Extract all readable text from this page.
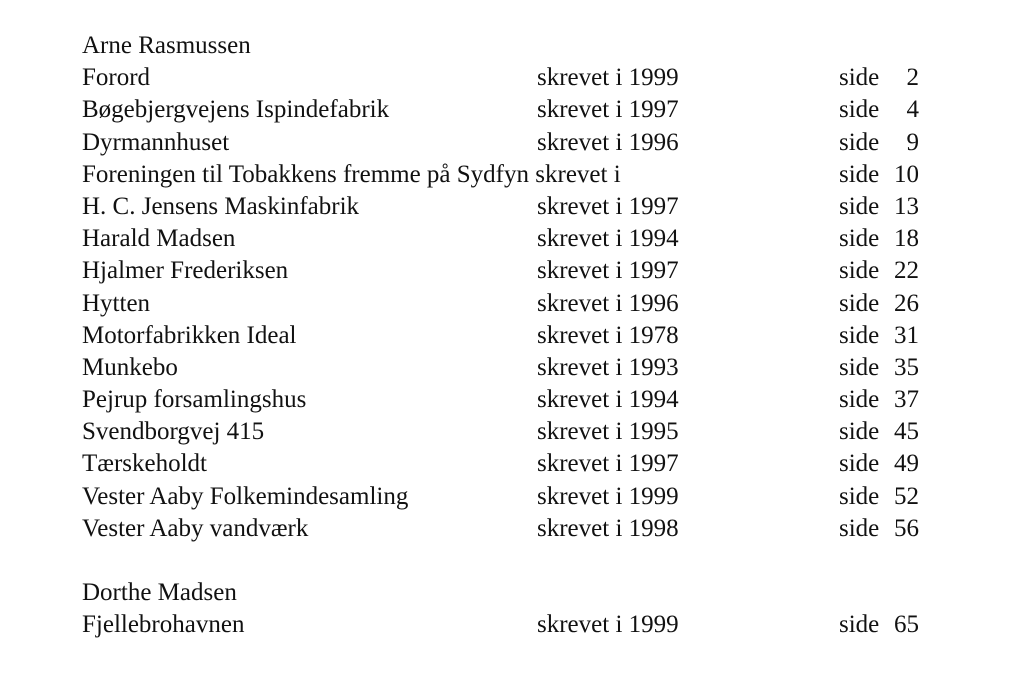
Arne Rasmussen
Forord	skrevet i 1999	side	2
Bøgebjergvejens Ispindefabrik	skrevet i 1997	side	4
Dyrmannhuset	skrevet i 1996	side	9
Foreningen til Tobakkens fremme på Sydfyn skrevet i	side 10
H. C. Jensens Maskinfabrik	skrevet i 1997	side 13
Harald Madsen	skrevet i 1994	side 18
Hjalmer Frederiksen	skrevet i 1997	side 22
Hytten	skrevet i 1996	side 26
Motorfabrikken Ideal	skrevet i 1978	side 31
Munkebo	skrevet i 1993	side 35
Pejrup forsamlingshus	skrevet i 1994	side 37
Svendborgvej 415	skrevet i 1995	side 45
Tærskeholdt	skrevet i 1997	side 49
Vester Aaby Folkemindesamling	skrevet i 1999	side 52
Vester Aaby vandværk	skrevet i 1998	side 56
Dorthe Madsen
Fjellebrohavnen	skrevet i 1999	side 65
